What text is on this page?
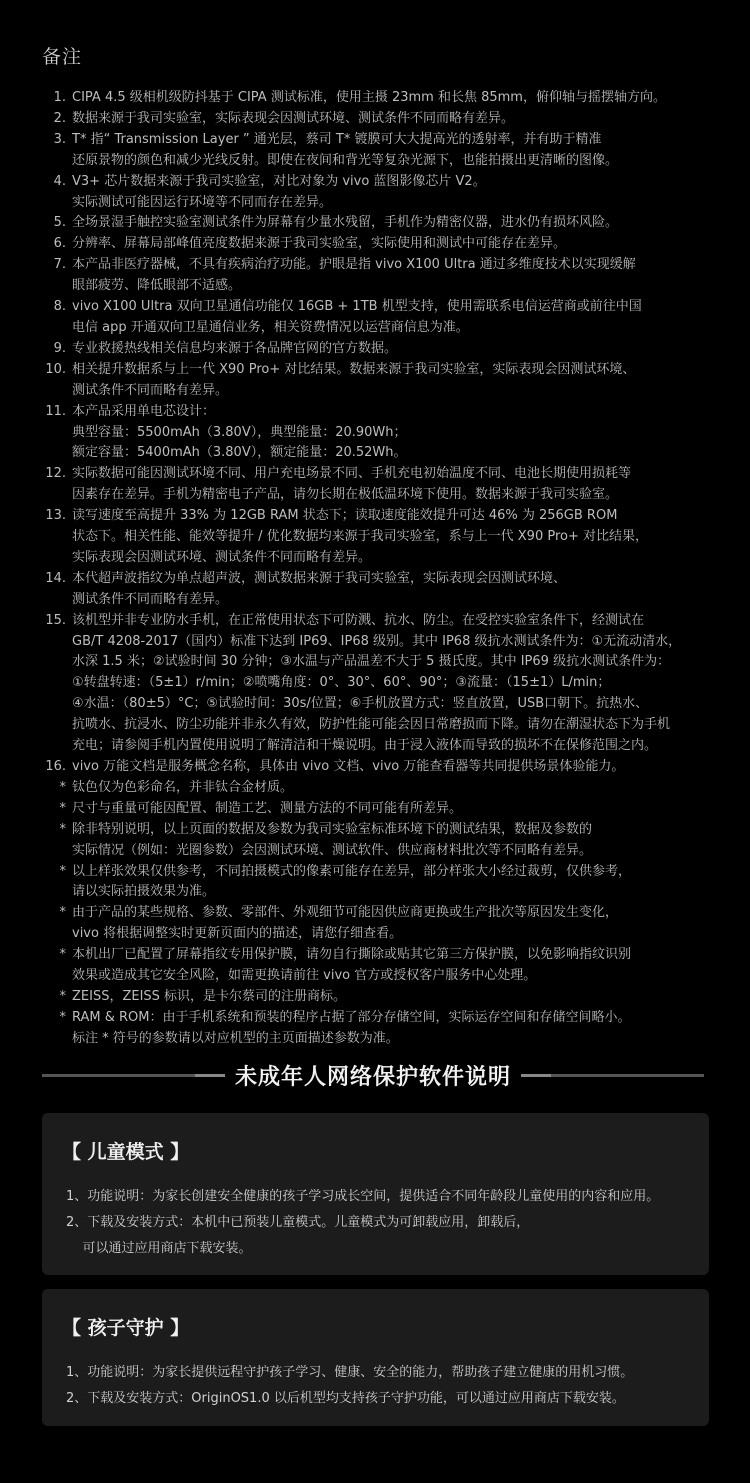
备注
1. CIPA 4.5 级相机级防抖基于 CIPA 测试标准，使用主摄 23mm 和长焦 85mm，俯仰轴与摇摆轴方向。
2. 数据来源于我司实验室，实际表现会因测试环境、测试条件不同而略有差异。
3. T* 指“ Transmission Layer ” 通光层，蔡司 T* 镀膜可大大提高光的透射率，并有助于精准
还原景物的颜色和减少光线反射。即使在夜间和背光等复杂光源下，也能拍摄出更清晰的图像。
4. V3+ 芯片数据来源于我司实验室，对比对象为 vivo 蓝图影像芯片 V2。
实际测试可能因运行环境等不同而存在差异。
5. 全场景湿手触控实验室测试条件为屏幕有少量水残留，手机作为精密仪器，进水仍有损坏风险。
6. 分辨率、屏幕局部峰值亮度数据来源于我司实验室，实际使用和测试中可能存在差异。
7. 本产品非医疗器械，不具有疾病治疗功能。护眼是指 vivo X100 Ultra 通过多维度技术以实现缓解
眼部疲劳、降低眼部不适感。
8. vivo X100 Ultra 双向卫星通信功能仅 16GB + 1TB 机型支持，使用需联系电信运营商或前往中国
电信 app 开通双向卫星通信业务，相关资费情况以运营商信息为准。
9. 专业救援热线相关信息均来源于各品牌官网的官方数据。
10. 相关提升数据系与上一代 X90 Pro+ 对比结果。数据来源于我司实验室，实际表现会因测试环境、
测试条件不同而略有差异。
11. 本产品采用单电芯设计：
典型容量：5500mAh（3.80V），典型能量：20.90Wh；
额定容量：5400mAh（3.80V），额定能量：20.52Wh。
12. 实际数据可能因测试环境不同、用户充电场景不同、手机充电初始温度不同、电池长期使用损耗等
因素存在差异。手机为精密电子产品，请勿长期在极低温环境下使用。数据来源于我司实验室。
13. 读写速度至高提升 33% 为 12GB RAM 状态下；读取速度能效提升可达 46% 为 256GB ROM
状态下。相关性能、能效等提升 / 优化数据均来源于我司实验室，系与上一代 X90 Pro+ 对比结果，
实际表现会因测试环境、测试条件不同而略有差异。
14. 本代超声波指纹为单点超声波，测试数据来源于我司实验室，实际表现会因测试环境、
测试条件不同而略有差异。
15. 该机型并非专业防水手机，在正常使用状态下可防溅、抗水、防尘。在受控实验室条件下，经测试在
GB/T 4208-2017（国内）标准下达到 IP69、IP68 级别。其中 IP68 级抗水测试条件为：①无流动清水，
水深 1.5 米；②试验时间 30 分钟；③水温与产品温差不大于 5 摄氏度。其中 IP69 级抗水测试条件为：
①转盘转速：（5±1）r/min；②喷嘴角度：0°、30°、60°、90°；③流量：（15±1）L/min；
④水温：（80±5）°C；⑤试验时间：30s/位置；⑥手机放置方式：竖直放置，USB口朝下。抗热水、
抗喷水、抗浸水、防尘功能并非永久有效，防护性能可能会因日常磨损而下降。请勿在潮湿状态下为手机
充电；请参阅手机内置使用说明了解清洁和干燥说明。由于浸入液体而导致的损坏不在保修范围之内。
16. vivo 万能文档是服务概念名称，具体由 vivo 文档、vivo 万能查看器等共同提供场景体验能力。
* 钛色仅为色彩命名，并非钛合金材质。
* 尺寸与重量可能因配置、制造工艺、测量方法的不同可能有所差异。
* 除非特别说明，以上页面的数据及参数为我司实验室标准环境下的测试结果，数据及参数的
实际情况（例如：光圈参数）会因测试环境、测试软件、供应商材料批次等不同略有差异。
* 以上样张效果仅供参考，不同拍摄模式的像素可能存在差异，部分样张大小经过裁剪，仅供参考，
请以实际拍摄效果为准。
* 由于产品的某些规格、参数、零部件、外观细节可能因供应商更换或生产批次等原因发生变化，
vivo 将根据调整实时更新页面内的描述，请您仔细查看。
* 本机出厂已配置了屏幕指纹专用保护膜，请勿自行撕除或贴其它第三方保护膜，以免影响指纹识别
效果或造成其它安全风险，如需更换请前往 vivo 官方或授权客户服务中心处理。
* ZEISS，ZEISS 标识，是卡尔蔡司的注册商标。
* RAM & ROM：由于手机系统和预装的程序占据了部分存储空间，实际运存空间和存储空间略小。
标注 * 符号的参数请以对应机型的主页面描述参数为准。
未成年人网络保护软件说明
【 儿童模式 】
1、功能说明：为家长创建安全健康的孩子学习成长空间，提供适合不同年龄段儿童使用的内容和应用。
2、下载及安装方式：本机中已预装儿童模式。儿童模式为可卸载应用，卸载后，
可以通过应用商店下载安装。
【 孩子守护 】
1、功能说明：为家长提供远程守护孩子学习、健康、安全的能力，帮助孩子建立健康的用机习惯。
2、下载及安装方式：OriginOS1.0 以后机型均支持孩子守护功能，可以通过应用商店下载安装。
